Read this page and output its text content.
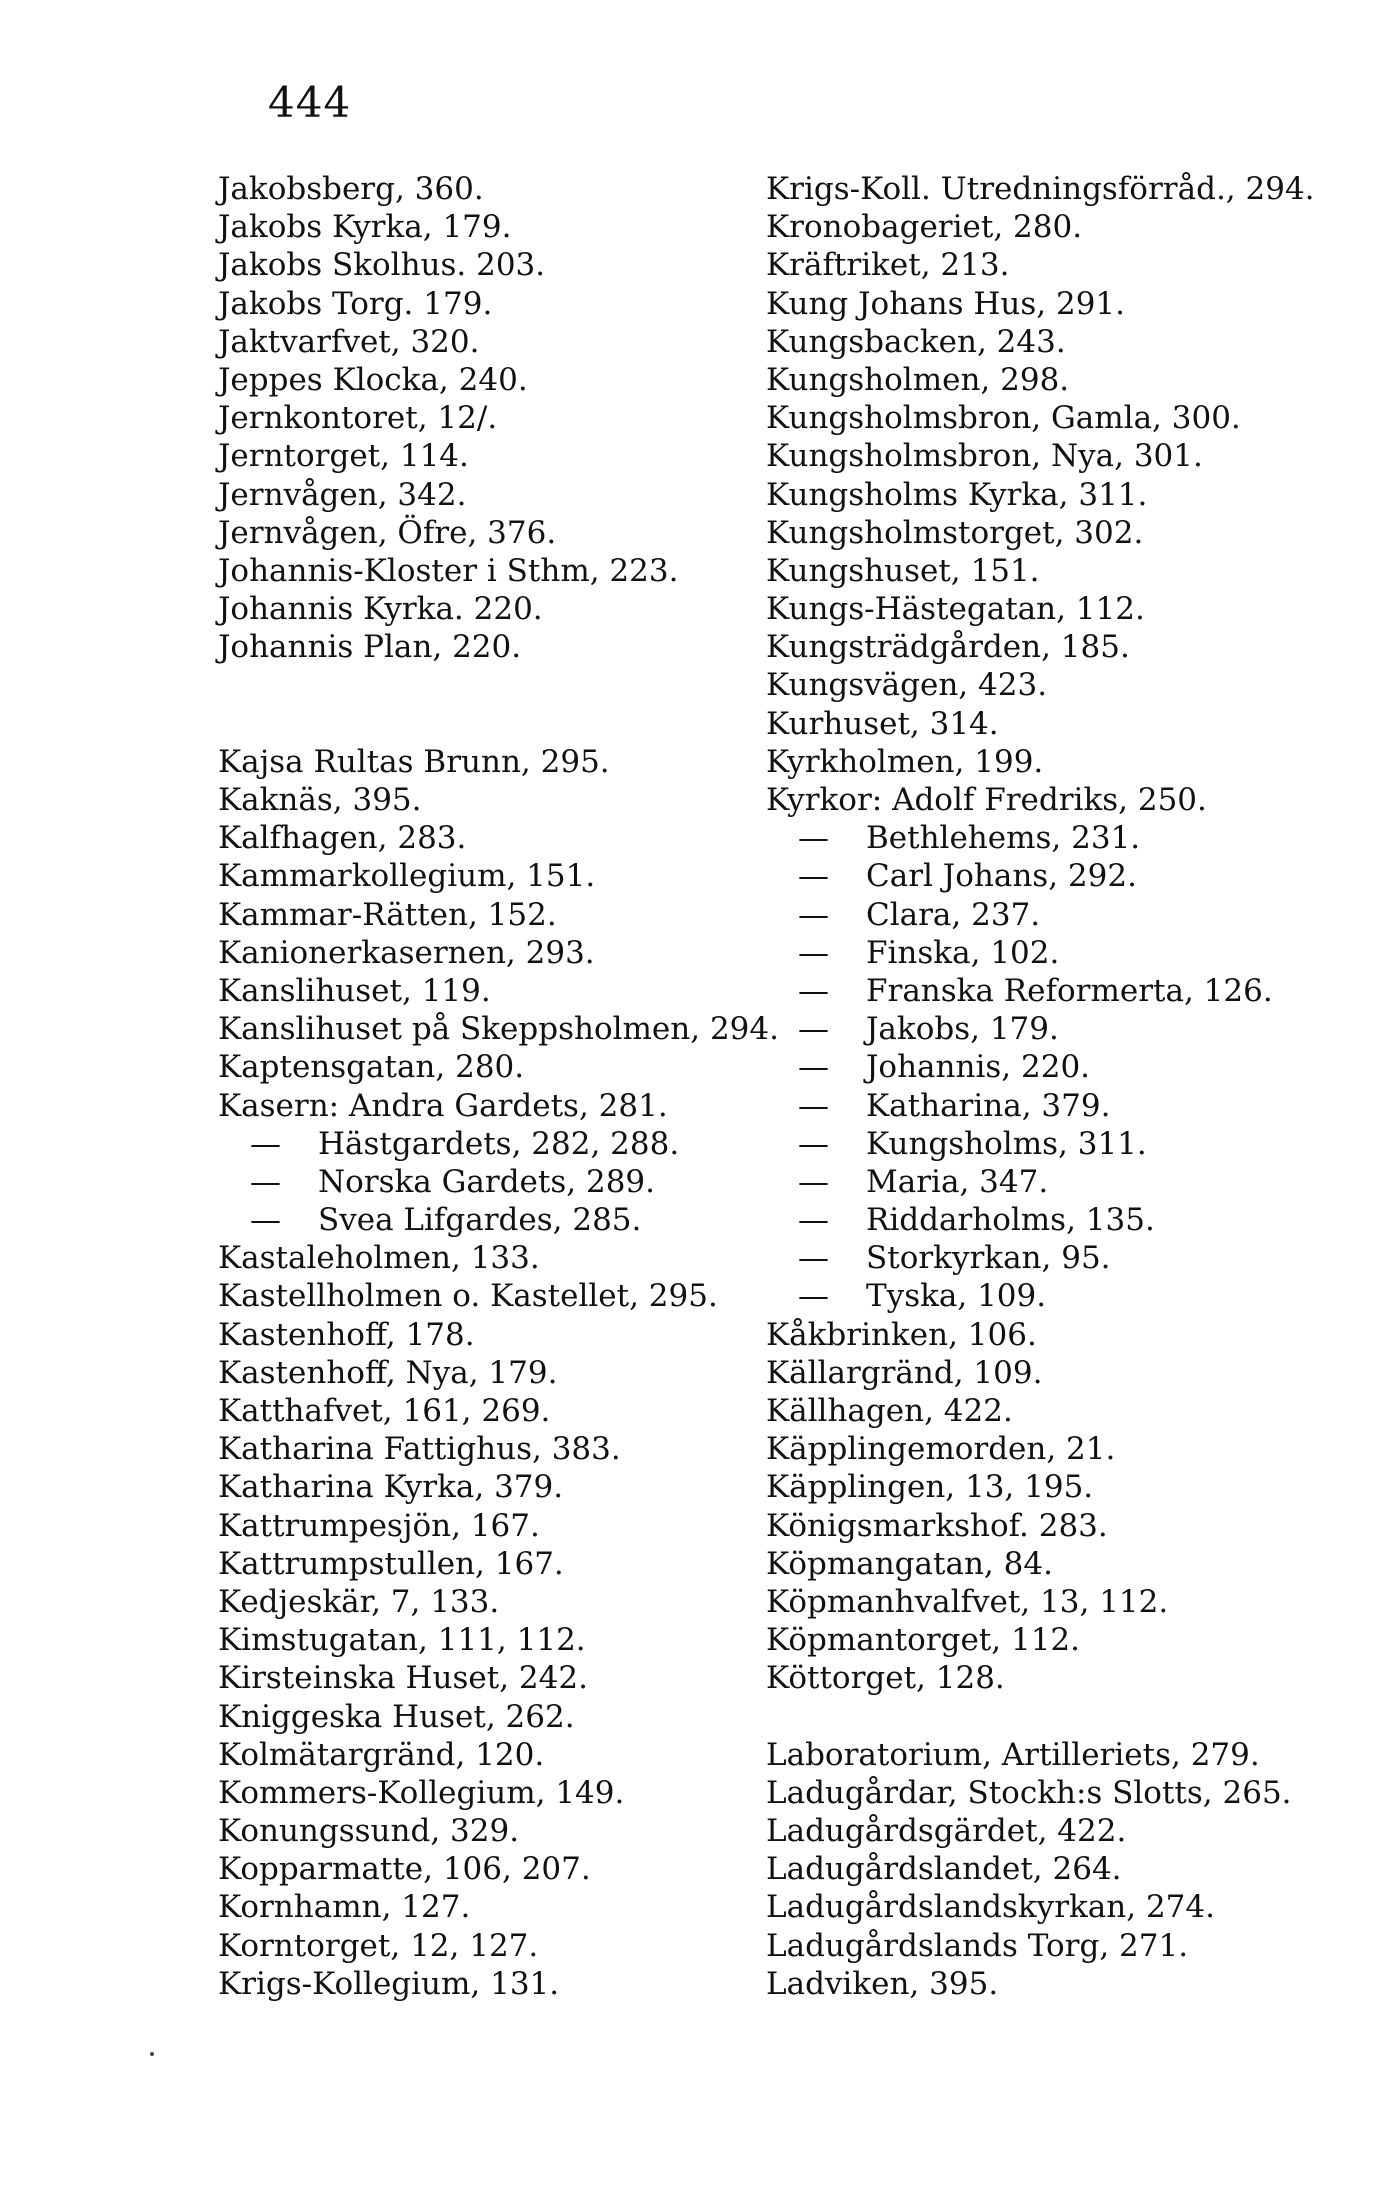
444
Jakobsberg, 360.
Jakobs Kyrka, 179.
Jakobs Skolhus. 203.
Jakobs Torg. 179.
Jaktvarfvet, 320.
Jeppes Klocka, 240.
Jernkontoret, 12/.
Jerntorget, 114.
Jernvågen, 342.
Jernvågen, Öfre, 376.
Johannis-Kloster i Sthm, 223.
Johannis Kyrka. 220.
Johannis Plan, 220.
Kajsa Rultas Brunn, 295.
Kaknäs, 395.
Kalfhagen, 283.
Kammarkollegium, 151.
Kammar-Rätten, 152.
Kanionerkasernen, 293.
Kanslihuset, 119.
Kanslihuset på Skeppsholmen, 294.
Kaptensgatan, 280.
Kasern: Andra Gardets, 281.
— Hästgardets, 282, 288.
— Norska Gardets, 289.
— Svea Lifgardes, 285.
Kastaleholmen, 133.
Kastellholmen o. Kastellet, 295.
Kastenhoff, 178.
Kastenhoff, Nya, 179.
Katthafvet, 161, 269.
Katharina Fattighus, 383.
Katharina Kyrka, 379.
Kattrumpesjön, 167.
Kattrumpstullen, 167.
Kedjeskär, 7, 133.
Kimstugatan, 111, 112.
Kirsteinska Huset, 242.
Kniggeska Huset, 262.
Kolmätargränd, 120.
Kommers-Kollegium, 149.
Konungssund, 329.
Kopparmatte, 106, 207.
Kornhamn, 127.
Korntorget, 12, 127.
Krigs-Kollegium, 131.
Krigs-Koll. Utredningsförråd., 294.
Kronobageriet, 280.
Kräftriket, 213.
Kung Johans Hus, 291.
Kungsbacken, 243.
Kungsholmen, 298.
Kungsholmsbron, Gamla, 300.
Kungsholmsbron, Nya, 301.
Kungsholms Kyrka, 311.
Kungsholmstorget, 302.
Kungshuset, 151.
Kungs-Hästegatan, 112.
Kungsträdgården, 185.
Kungsvägen, 423.
Kurhuset, 314.
Kyrkholmen, 199.
Kyrkor: Adolf Fredriks, 250.
— Bethlehems, 231.
— Carl Johans, 292.
— Clara, 237.
— Finska, 102.
— Franska Reformerta, 126.
— Jakobs, 179.
— Johannis, 220.
— Katharina, 379.
— Kungsholms, 311.
— Maria, 347.
— Riddarholms, 135.
— Storkyrkan, 95.
— Tyska, 109.
Kåkbrinken, 106.
Källargränd, 109.
Källhagen, 422.
Käpplingemorden, 21.
Käpplingen, 13, 195.
Königsmarkshof. 283.
Köpmangatan, 84.
Köpmanhvalfvet, 13, 112.
Köpmantorget, 112.
Köttorget, 128.
Laboratorium, Artilleriets, 279.
Ladugårdar, Stockh:s Slotts, 265.
Ladugårdsgärdet, 422.
Ladugårdslandet, 264.
Ladugårdslandskyrkan, 274.
Ladugårdslands Torg, 271.
Ladviken, 395.
